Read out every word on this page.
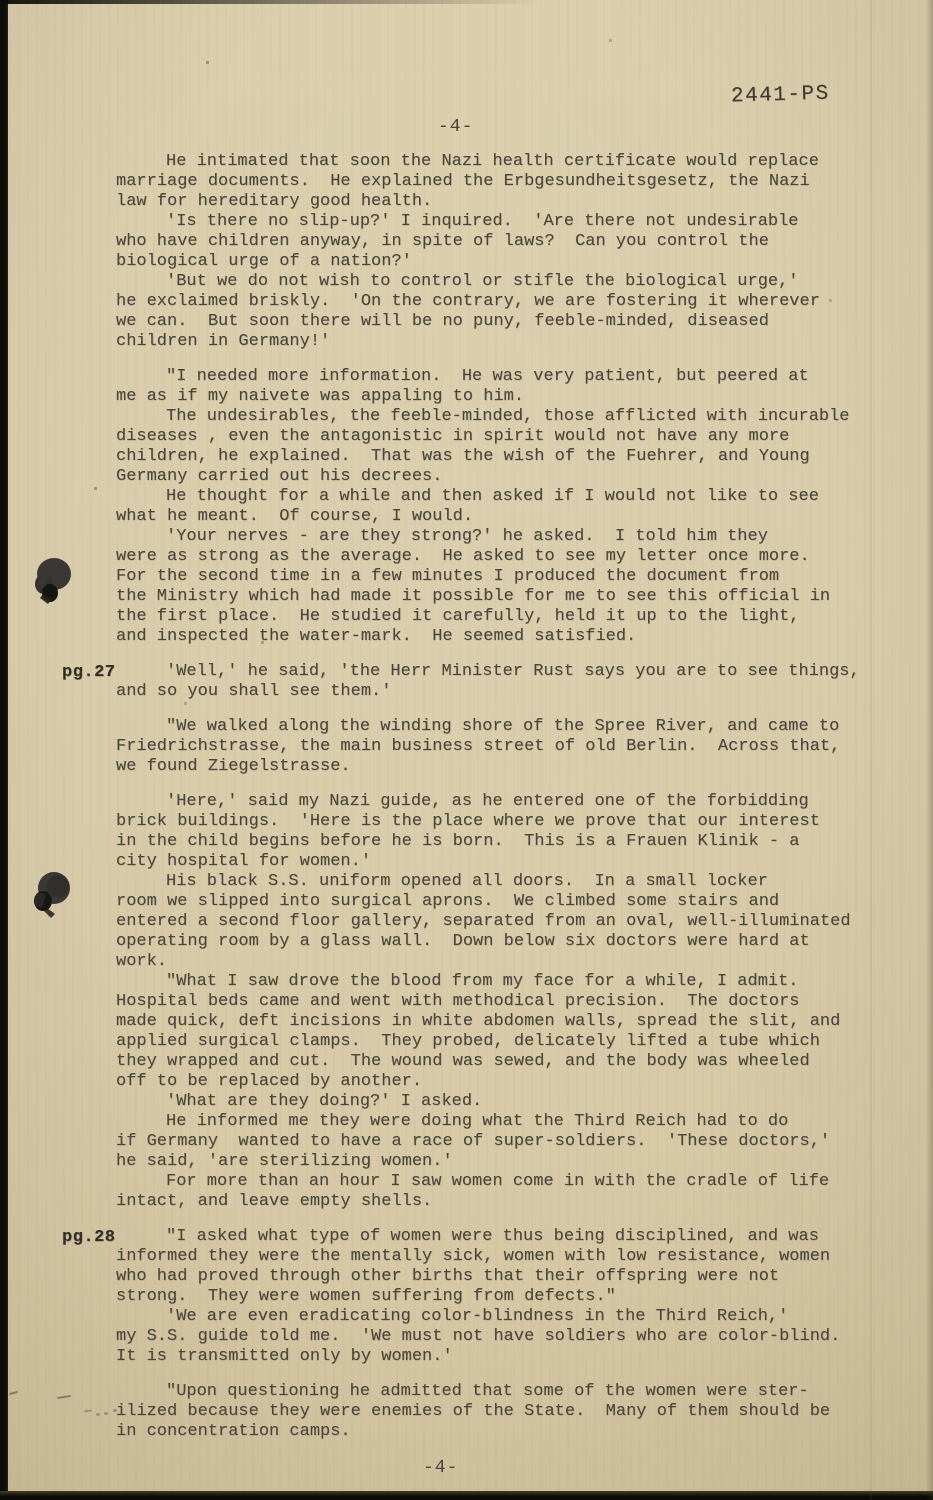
2441-PS
-4-
He intimated that soon the Nazi health certificate would replace
marriage documents.  He explained the Erbgesundheitsgesetz, the Nazi
law for hereditary good health.
'Is there no slip-up?' I inquired.  'Are there not undesirable
who have children anyway, in spite of laws?  Can you control the
biological urge of a nation?'
'But we do not wish to control or stifle the biological urge,'
he exclaimed briskly.  'On the contrary, we are fostering it wherever
we can.  But soon there will be no puny, feeble-minded, diseased
children in Germany!'
"I needed more information.  He was very patient, but peered at
me as if my naivete was appaling to him.
The undesirables, the feeble-minded, those afflicted with incurable
diseases , even the antagonistic in spirit would not have any more
children, he explained.  That was the wish of the Fuehrer, and Young
Germany carried out his decrees.
He thought for a while and then asked if I would not like to see
what he meant.  Of course, I would.
'Your nerves - are they strong?' he asked.  I told him they
were as strong as the average.  He asked to see my letter once more.
For the second time in a few minutes I produced the document from
the Ministry which had made it possible for me to see this official in
the first place.  He studied it carefully, held it up to the light,
and inspected the water-mark.  He seemed satisfied.
pg.27	'Well,' he said, 'the Herr Minister Rust says you are to see things,
and so you shall see them.'
"We walked along the winding shore of the Spree River, and came to
Friedrichstrasse, the main business street of old Berlin.  Across that,
we found Ziegelstrasse.
'Here,' said my Nazi guide, as he entered one of the forbidding
brick buildings.  'Here is the place where we prove that our interest
in the child begins before he is born.  This is a Frauen Klinik - a
city hospital for women.'
His black S.S. uniform opened all doors.  In a small locker
room we slipped into surgical aprons.  We climbed some stairs and
entered a second floor gallery, separated from an oval, well-illuminated
operating room by a glass wall.  Down below six doctors were hard at
work.
"What I saw drove the blood from my face for a while, I admit.
Hospital beds came and went with methodical precision.  The doctors
made quick, deft incisions in white abdomen walls, spread the slit, and
applied surgical clamps.  They probed, delicately lifted a tube which
they wrapped and cut.  The wound was sewed, and the body was wheeled
off to be replaced by another.
'What are they doing?' I asked.
He informed me they were doing what the Third Reich had to do
if Germany  wanted to have a race of super-soldiers.  'These doctors,'
he said, 'are sterilizing women.'
For more than an hour I saw women come in with the cradle of life
intact, and leave empty shells.
pg.28	"I asked what type of women were thus being disciplined, and was
informed they were the mentally sick, women with low resistance, women
who had proved through other births that their offspring were not
strong.  They were women suffering from defects."
'We are even eradicating color-blindness in the Third Reich,'
my S.S. guide told me.  'We must not have soldiers who are color-blind.
It is transmitted only by women.'
"Upon questioning he admitted that some of the women were ster-
ilized because they were enemies of the State.  Many of them should be
in concentration camps.
-4-
